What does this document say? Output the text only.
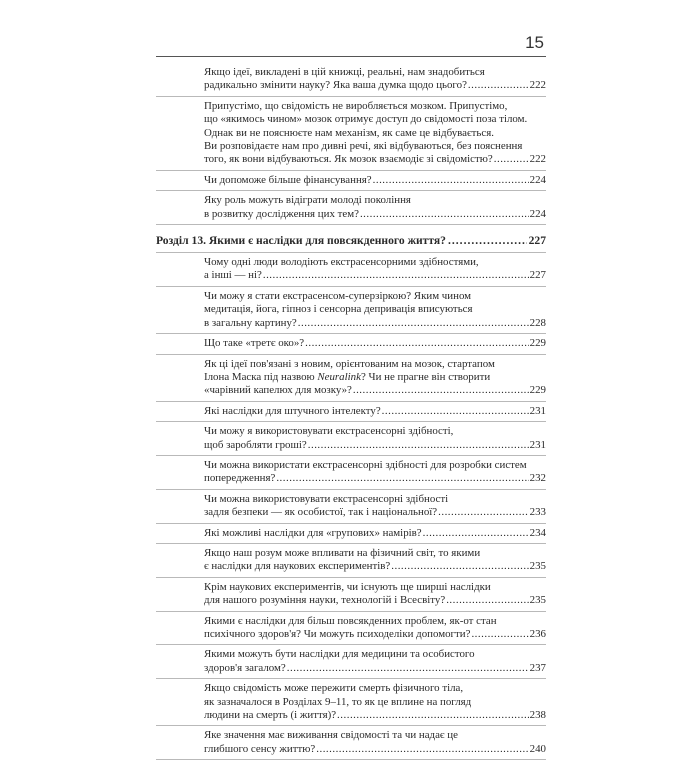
15
Якщо ідеї, викладені в цій книжці, реальні, нам знадобиться
радикально змінити науку? Яка ваша думка щодо цього? .....	222
Припустімо, що свідомість не виробляється мозком. Припустімо,
що «якимось чином» мозок отримує доступ до свідомості поза тілом.
Однак ви не пояснюєте нам механізм, як саме це відбувається.
Ви розповідаєте нам про дивні речі, які відбуваються, без пояснення
того, як вони відбуваються. Як мозок взаємодіє зі свідомістю? .....	222
Чи допоможе більше фінансування? .....	224
Яку роль можуть відіграти молоді покоління
в розвитку дослідження цих тем? .....	224
Розділ 13. Якими є наслідки для повсякденного життя? .....	227
Чому одні люди володіють екстрасенсорними здібностями,
а інші — ні? .....	227
Чи можу я стати екстрасенсом-суперзіркою? Яким чином
медитація, йога, гіпноз і сенсорна депривація вписуються
в загальну картину? .....	228
Що таке «третє око»? .....	229
Як ці ідеї пов'язані з новим, орієнтованим на мозок, стартапом
Ілона Маска під назвою Neuralink? Чи не прагне він створити
«чарівний капелюх для мозку»? .....	229
Які наслідки для штучного інтелекту? .....	231
Чи можу я використовувати екстрасенсорні здібності,
щоб заробляти гроші? .....	231
Чи можна використати екстрасенсорні здібності для розробки систем
попередження? .....	232
Чи можна використовувати екстрасенсорні здібності
задля безпеки — як особистої, так і національної? .....	233
Які можливі наслідки для «групових» намірів? .....	234
Якщо наш розум може впливати на фізичний світ, то якими
є наслідки для наукових експериментів? .....	235
Крім наукових експериментів, чи існують ще ширші наслідки
для нашого розуміння науки, технологій і Всесвіту? .....	235
Якими є наслідки для більш повсякденних проблем, як-от стан
психічного здоров'я? Чи можуть психоделіки допомогти? .....	236
Якими можуть бути наслідки для медицини та особистого
здоров'я загалом? .....	237
Якщо свідомість може пережити смерть фізичного тіла,
як зазначалося в Розділах 9–11, то як це вплине на погляд
людини на смерть (і життя)? .....	238
Яке значення має виживання свідомості та чи надає це
глибшого сенсу життю? .....	240
